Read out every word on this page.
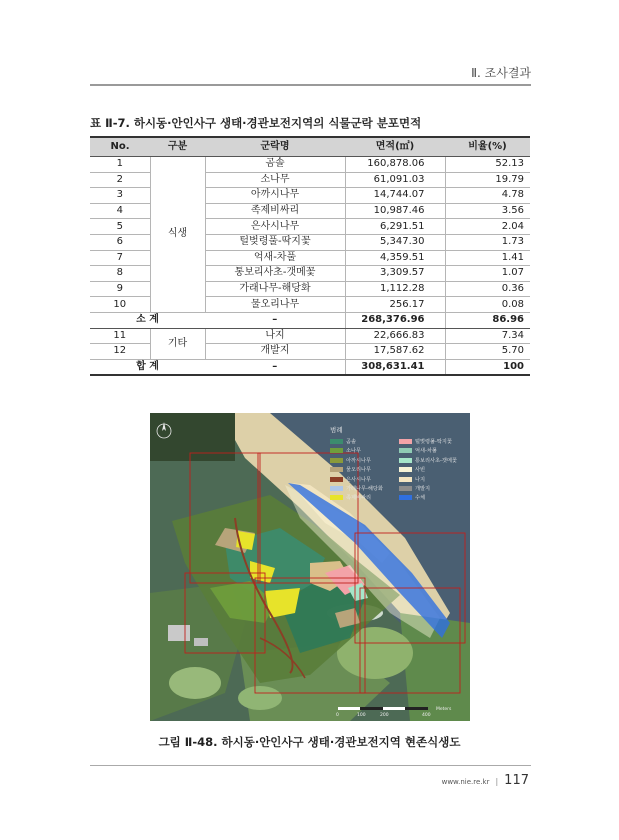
Ⅱ. 조사결과
표 Ⅱ-7. 하시동·안인사구 생태·경관보전지역의 식물군락 분포면적
No.	구분	군락명	면적(㎡)	비율(%)
1	식생	곰솔	160,878.06	52.13
2		소나무	61,091.03	19.79
3		아까시나무	14,744.07	4.78
4		족제비싸리	10,987.46	3.56
5		은사시나무	6,291.51	2.04
6		털벚령풀-딱지꽃	5,347.30	1.73
7		억새-차풀	4,359.51	1.41
8		통보리사초-갯메꽃	3,309.57	1.07
9		가래나무-해당화	1,112.28	0.36
10		물오리나무	256.17	0.08
소 계		–	268,376.96	86.96
11	기타	나지	22,666.83	7.34
12		개발지	17,587.62	5.70
합 계		–	308,631.41	100
0	100	200	400
Meters
범례
곰솔	털벚령풀-딱지꽃
소나무	억새-차풀
아까시나무	통보리사초-갯메꽃
물오리나무	사빈
은사시나무	나지
가래나무-해당화	개발지
족제비싸리	수체
그림 Ⅱ-48. 하시동·안인사구 생태·경관보전지역 현존식생도
www.nie.re.kr | 117
